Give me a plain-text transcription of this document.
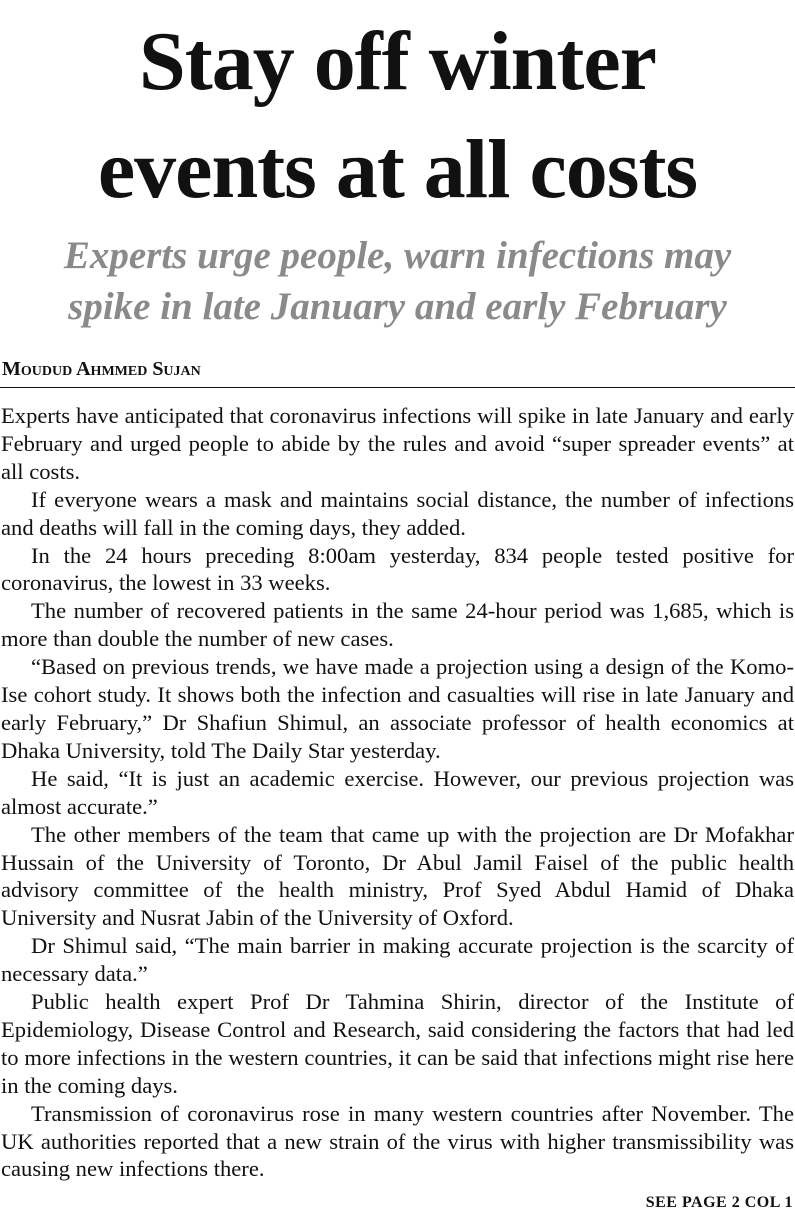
Stay off winter
events at all costs
Experts urge people, warn infections may
spike in late January and early February
Moudud Ahmmed Sujan

Experts have anticipated that coronavirus infections will spike in late January and early February and urged people to abide by the rules and avoid “super spreader events” at all costs.

If everyone wears a mask and maintains social distance, the number of infections and deaths will fall in the coming days, they added.

In the 24 hours preceding 8:00am yesterday, 834 people tested positive for coronavirus, the lowest in 33 weeks.

The number of recovered patients in the same 24-hour period was 1,685, which is more than double the number of new cases.

“Based on previous trends, we have made a projection using a design of the Komo-Ise cohort study. It shows both the infection and casualties will rise in late January and early February,” Dr Shafiun Shimul, an associate professor of health economics at Dhaka University, told The Daily Star yesterday.

He said, “It is just an academic exercise. However, our previous projection was almost accurate.”

The other members of the team that came up with the projection are Dr Mofakhar Hussain of the University of Toronto, Dr Abul Jamil Faisel of the public health advisory committee of the health ministry, Prof Syed Abdul Hamid of Dhaka University and Nusrat Jabin of the University of Oxford.

Dr Shimul said, “The main barrier in making accurate projection is the scarcity of necessary data.”

Public health expert Prof Dr Tahmina Shirin, director of the Institute of Epidemiology, Disease Control and Research, said considering the factors that had led to more infections in the western countries, it can be said that infections might rise here in the coming days.

Transmission of coronavirus rose in many western countries after November. The UK authorities reported that a new strain of the virus with higher transmissibility was causing new infections there.

SEE PAGE 2 COL 1
